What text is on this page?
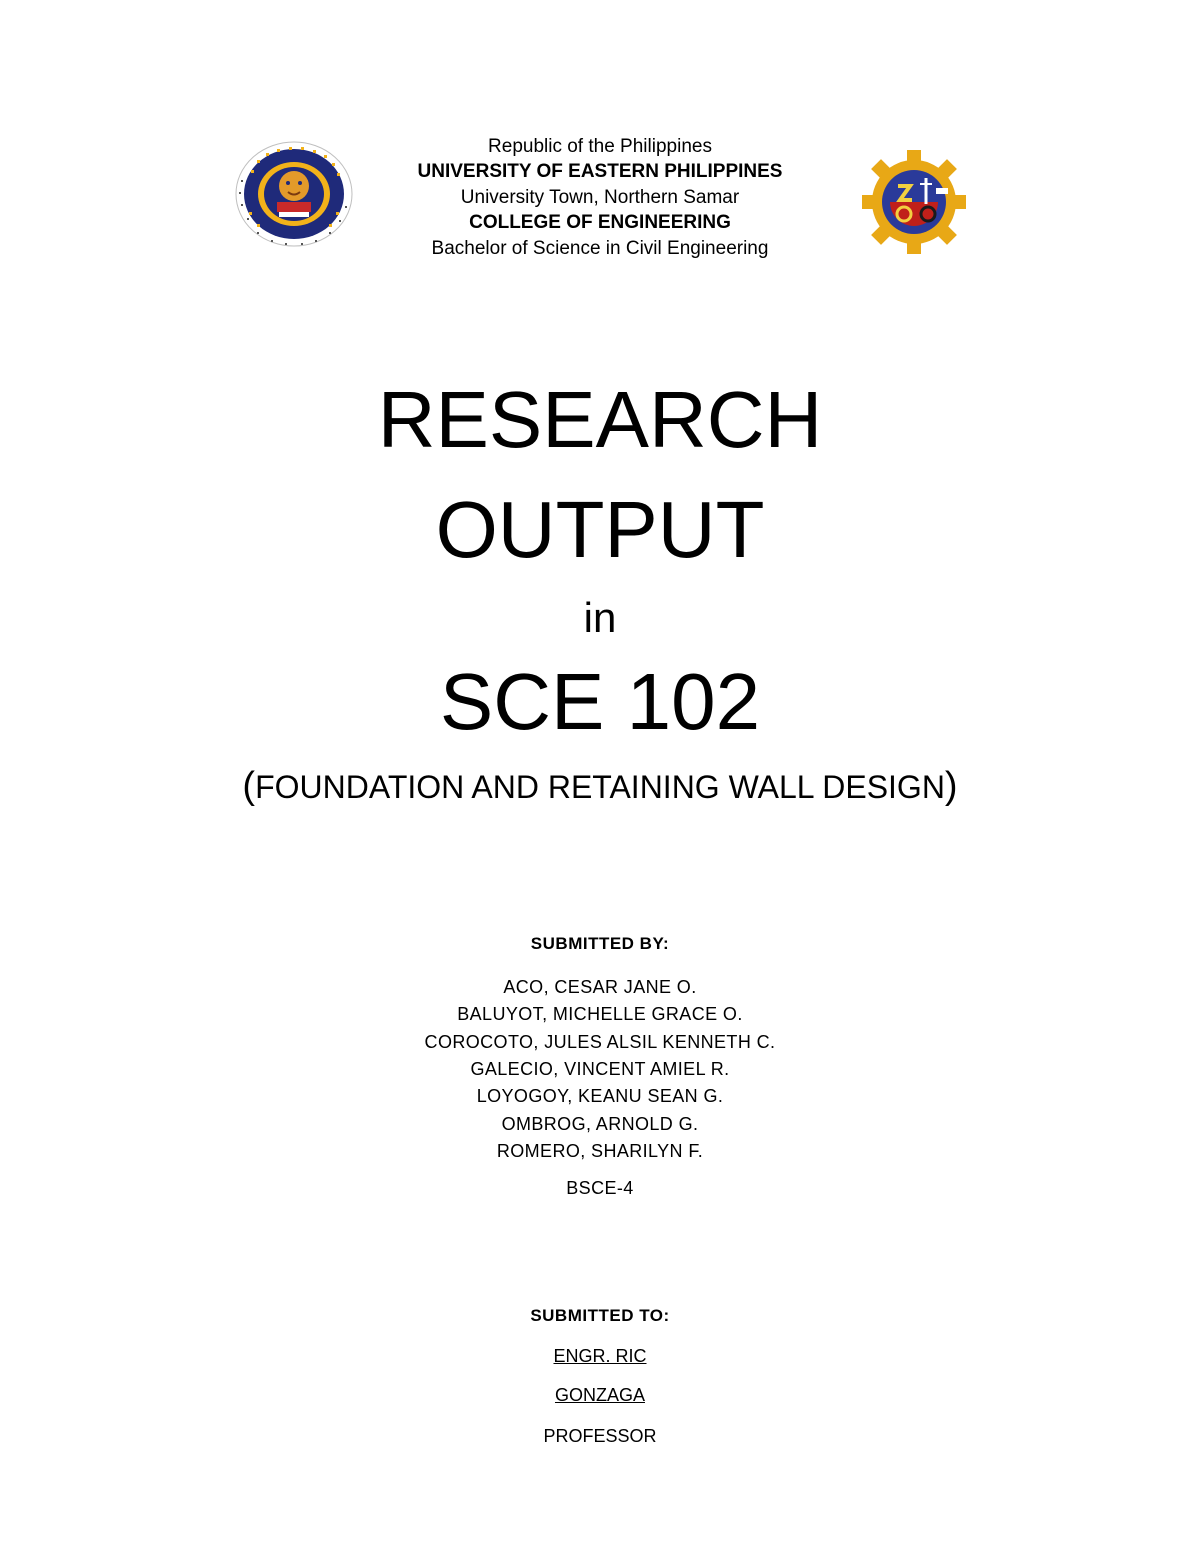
Republic of the Philippines
UNIVERSITY OF EASTERN PHILIPPINES
University Town, Northern Samar
COLLEGE OF ENGINEERING
Bachelor of Science in Civil Engineering
RESEARCH
OUTPUT
in
SCE 102
(FOUNDATION AND RETAINING WALL DESIGN)
SUBMITTED BY:
ACO, CESAR JANE O.
BALUYOT, MICHELLE GRACE O.
COROCOTO, JULES ALSIL KENNETH C.
GALECIO, VINCENT AMIEL R.
LOYOGOY, KEANU SEAN G.
OMBROG, ARNOLD G.
ROMERO, SHARILYN F.
BSCE-4
SUBMITTED TO:
ENGR. RIC
GONZAGA
PROFESSOR
